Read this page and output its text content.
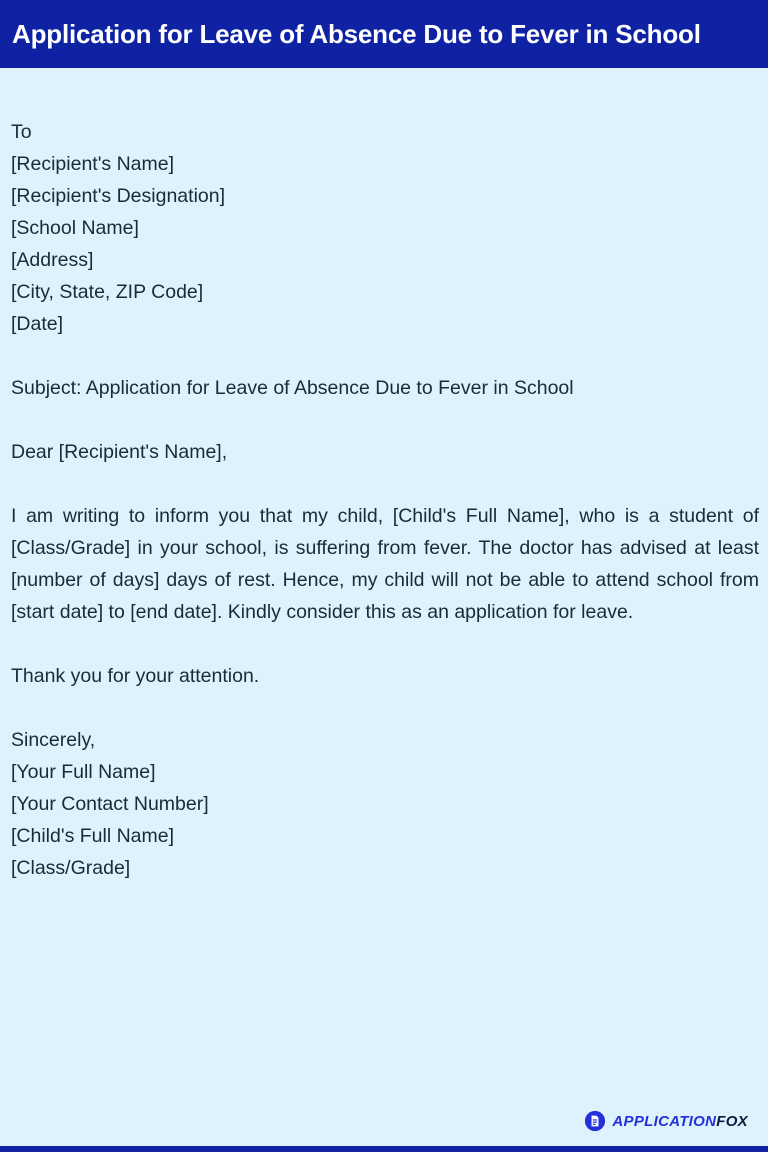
Application for Leave of Absence Due to Fever in School
To
[Recipient's Name]
[Recipient's Designation]
[School Name]
[Address]
[City, State, ZIP Code]
[Date]
Subject: Application for Leave of Absence Due to Fever in School
Dear [Recipient's Name],

I am writing to inform you that my child, [Child's Full Name], who is a student of [Class/Grade] in your school, is suffering from fever. The doctor has advised at least [number of days] days of rest. Hence, my child will not be able to attend school from [start date] to [end date]. Kindly consider this as an application for leave.

Thank you for your attention.
Sincerely,
[Your Full Name]
[Your Contact Number]
[Child's Full Name]
[Class/Grade]
APPLICATIONFOX
